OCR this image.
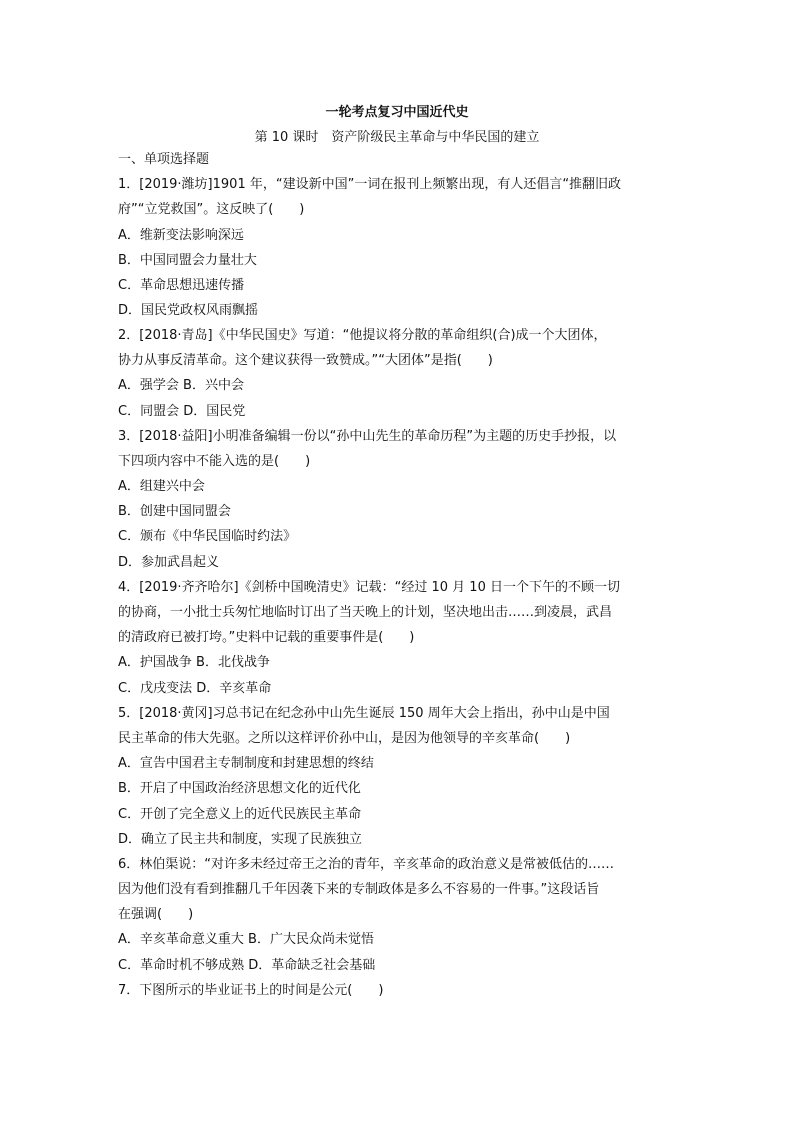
一轮考点复习中国近代史
第 10 课时　资产阶级民主革命与中华民国的建立
一、单项选择题
1．[2019·潍坊]1901 年，“建设新中国”一词在报刊上频繁出现，有人还倡言“推翻旧政
府”“立党救国”。这反映了(　　)
A．维新变法影响深远
B．中国同盟会力量壮大
C．革命思想迅速传播
D．国民党政权风雨飘摇
2．[2018·青岛]《中华民国史》写道：“他提议将分散的革命组织(合)成一个大团体，
协力从事反清革命。这个建议获得一致赞成。”“大团体”是指(　　)
A．强学会 B．兴中会
C．同盟会 D．国民党
3．[2018·益阳]小明准备编辑一份以“孙中山先生的革命历程”为主题的历史手抄报，以
下四项内容中不能入选的是(　　)
A．组建兴中会
B．创建中国同盟会
C．颁布《中华民国临时约法》
D．参加武昌起义
4．[2019·齐齐哈尔]《剑桥中国晚清史》记载：“经过 10 月 10 日一个下午的不顾一切
的协商，一小批士兵匆忙地临时订出了当天晚上的计划，坚决地出击……到凌晨，武昌
的清政府已被打垮。”史料中记载的重要事件是(　　)
A．护国战争 B．北伐战争
C．戊戌变法 D．辛亥革命
5．[2018·黄冈]习总书记在纪念孙中山先生诞辰 150 周年大会上指出，孙中山是中国
民主革命的伟大先驱。之所以这样评价孙中山，是因为他领导的辛亥革命(　　)
A．宣告中国君主专制制度和封建思想的终结
B．开启了中国政治经济思想文化的近代化
C．开创了完全意义上的近代民族民主革命
D．确立了民主共和制度，实现了民族独立
6．林伯渠说：“对许多未经过帝王之治的青年，辛亥革命的政治意义是常被低估的……
因为他们没有看到推翻几千年因袭下来的专制政体是多么不容易的一件事。”这段话旨
在强调(　　)
A．辛亥革命意义重大 B．广大民众尚未觉悟
C．革命时机不够成熟 D．革命缺乏社会基础
7．下图所示的毕业证书上的时间是公元(　　)
